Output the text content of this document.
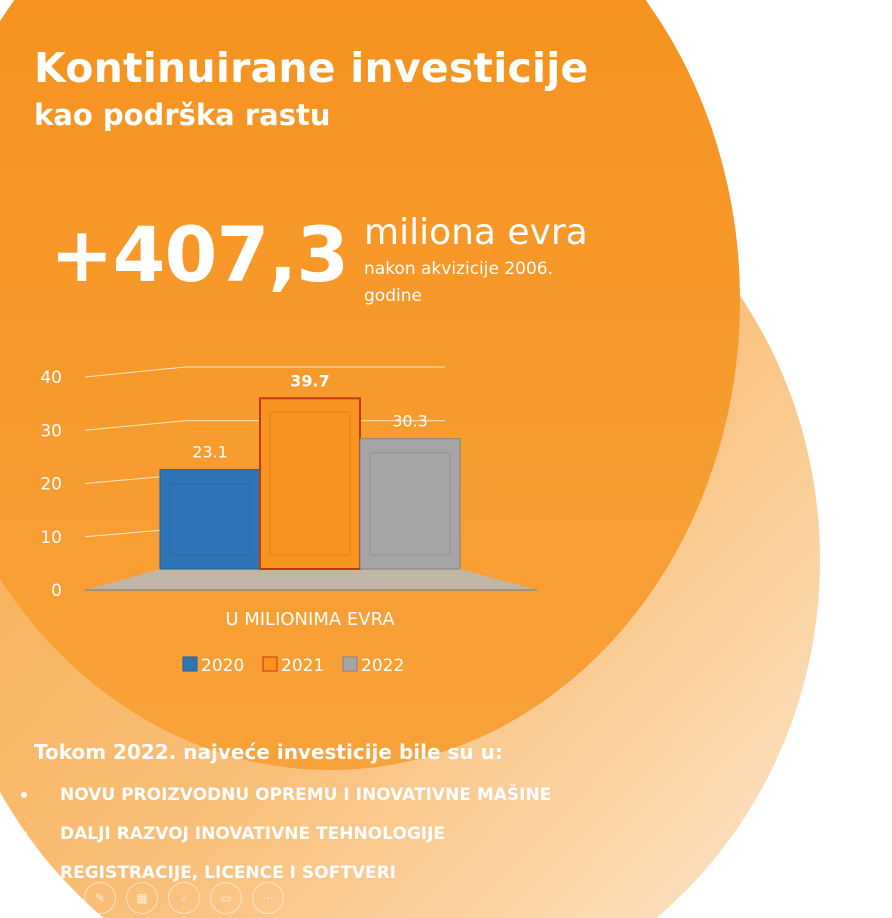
Kontinuirane investicije
kao podrška rastu
+407,3 miliona evra
nakon akvizicije 2006. godine
0
10
20
30
40
23.1
39.7
30.3
U MILIONIMA EVRA
2020 2021 2022
Tokom 2022. najveće investicije bile su u:
NOVU PROIZVODNU OPREMU I INOVATIVNE MAŠINE
DALJI RAZVOJ INOVATIVNE TEHNOLOGIJE
REGISTRACIJE, LICENCE I SOFTVERI
◀	▶	✎	▦	⌕	▭	⋯
